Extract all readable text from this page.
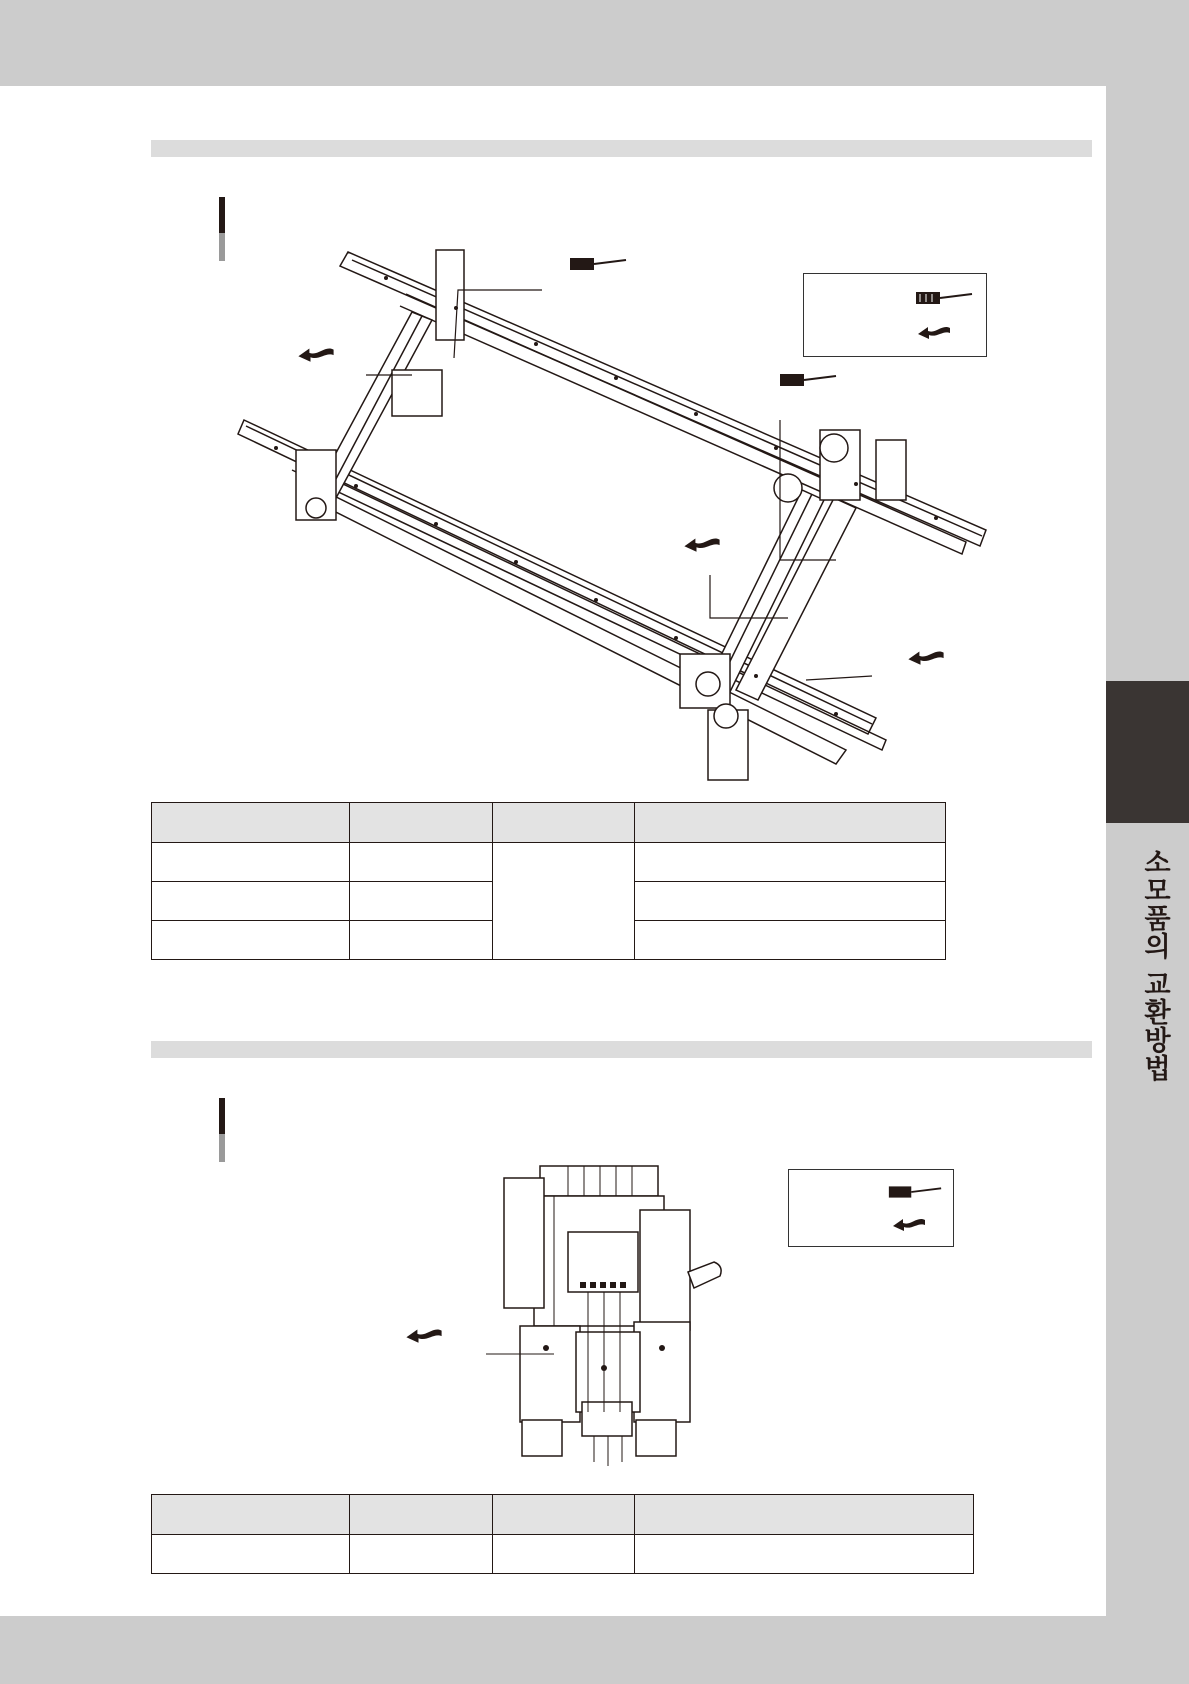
소모품의 교환방법
